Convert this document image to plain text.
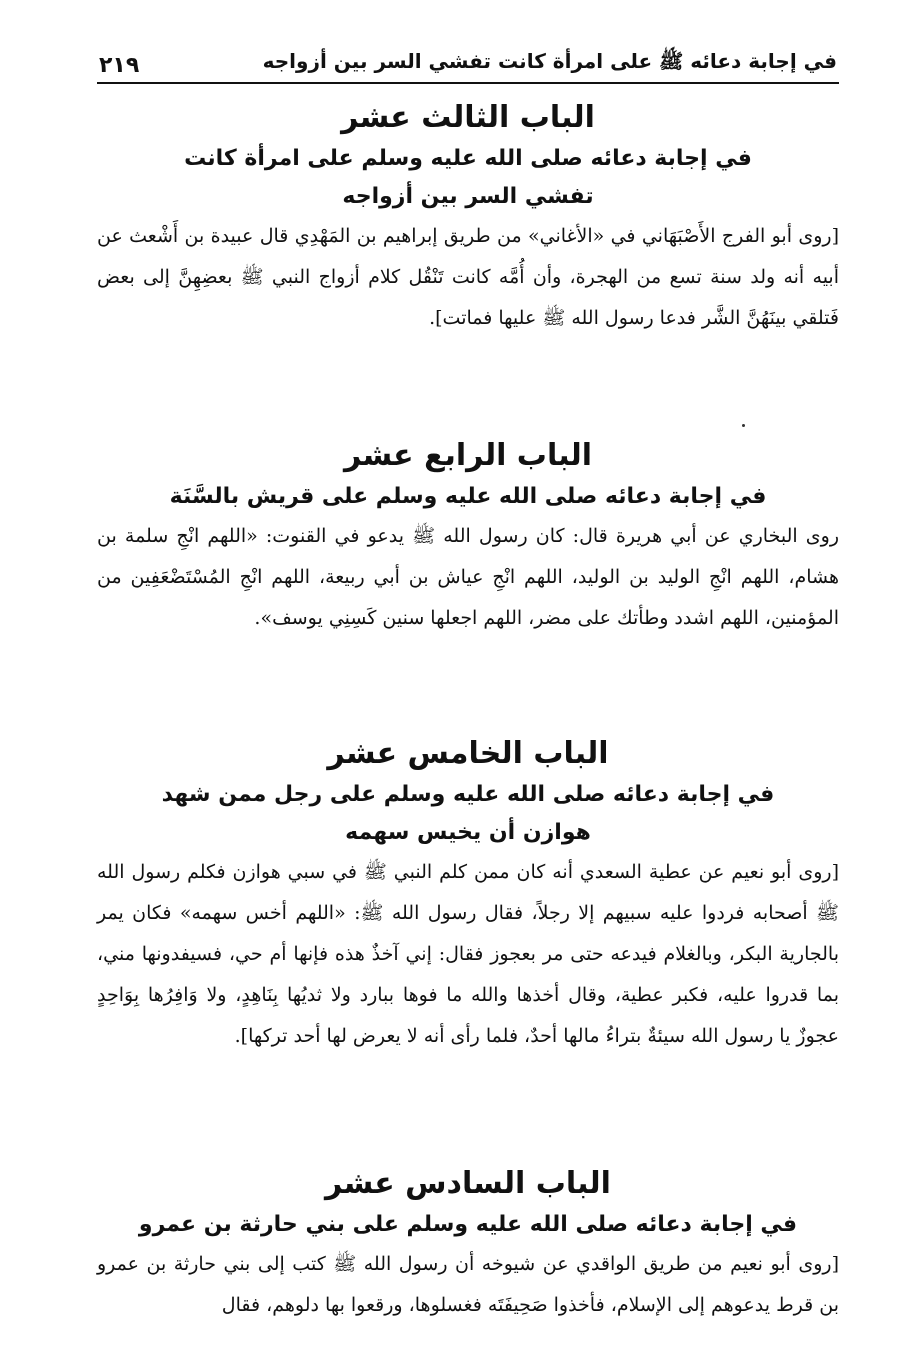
في إجابة دعائه ﷺ على امرأة كانت تفشي السر بين أزواجه
٢١٩
الباب الثالث عشر
في إجابة دعائه صلى الله عليه وسلم على امرأة كانت
تفشي السر بين أزواجه

[روى أبو الفرج الأَصْبَهَاني في «الأغاني» من طريق إبراهيم بن المَهْدِي قال عبيدة بن أَشْعث عن أبيه أنه ولد سنة تسع من الهجرة، وأن أُمَّه كانت تَنْقُل كلام أزواج النبي ﷺ بعضِهِنَّ إلى بعض فَتلقي بينَهُنَّ الشَّر فدعا رسول الله ﷺ عليها فماتت].

الباب الرابع عشر
في إجابة دعائه صلى الله عليه وسلم على قريش بالسَّنَة

روى البخاري عن أبي هريرة قال: كان رسول الله ﷺ يدعو في القنوت: «اللهم انْجِ سلمة بن هشام، اللهم انْجِ الوليد بن الوليد، اللهم انْجِ عياش بن أبي ربيعة، اللهم انْجِ المُسْتَضْعَفِين من المؤمنين، اللهم اشدد وطأتك على مضر، اللهم اجعلها سنين كَسِنِي يوسف».

الباب الخامس عشر
في إجابة دعائه صلى الله عليه وسلم على رجل ممن شهد
هوازن أن يخيس سهمه

[روى أبو نعيم عن عطية السعدي أنه كان ممن كلم النبي ﷺ في سبي هوازن فكلم رسول الله ﷺ أصحابه فردوا عليه سبيهم إلا رجلاً، فقال رسول الله ﷺ: «اللهم أخس سهمه» فكان يمر بالجارية البكر، وبالغلام فيدعه حتى مر بعجوز فقال: إني آخذٌ هذه فإنها أم حي، فسيفدونها مني، بما قدروا عليه، فكبر عطية، وقال أخذها والله ما فوها ببارد ولا ثديُها بِنَاهِدٍ، ولا وَافِرُها بِوَاحِدٍ عجوزٌ يا رسول الله سيئةٌ بتراءُ مالها أحدٌ، فلما رأى أنه لا يعرض لها أحد تركها].

الباب السادس عشر
في إجابة دعائه صلى الله عليه وسلم على بني حارثة بن عمرو

[روى أبو نعيم من طريق الواقدي عن شيوخه أن رسول الله ﷺ كتب إلى بني حارثة بن عمرو بن قرط يدعوهم إلى الإسلام، فأخذوا صَحِيفَتَه فغسلوها، ورقعوا بها دلوهم، فقال
